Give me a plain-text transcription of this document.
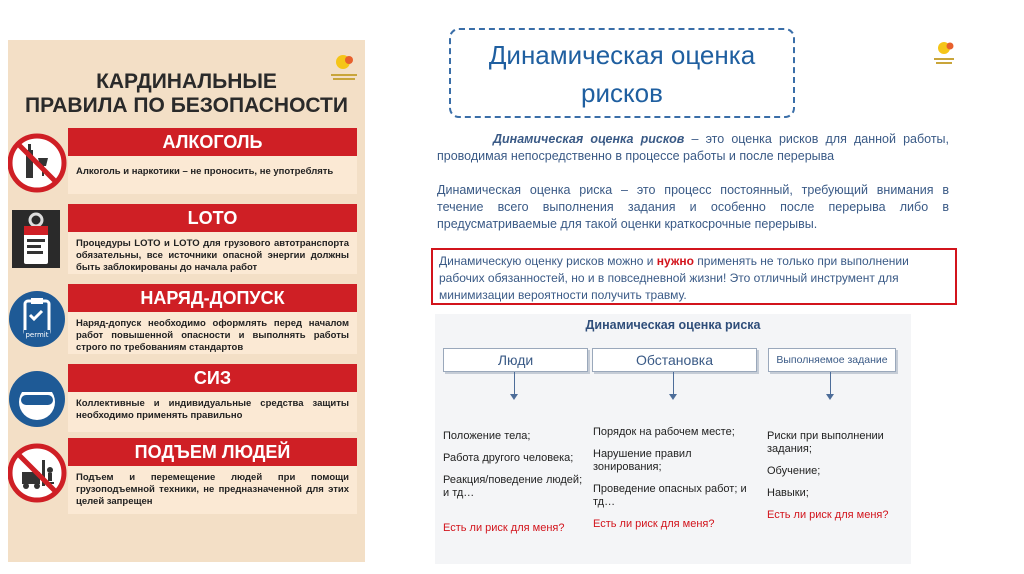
КАРДИНАЛЬНЫЕ
ПРАВИЛА ПО БЕЗОПАСНОСТИ
АЛКОГОЛЬ
Алкоголь и наркотики – не проносить, не употреблять
LOTO
Процедуры LOTO и LOTO для грузового автотранспорта обязательны, все источники опасной энергии должны быть заблокированы до начала работ
НАРЯД-ДОПУСК
Наряд-допуск необходимо оформлять перед началом работ повышенной опасности и выполнять работы строго по требованиям стандартов
permit
СИЗ
Коллективные и индивидуальные средства защиты необходимо применять правильно
ПОДЪЕМ ЛЮДЕЙ
Подъем и перемещение людей при помощи грузоподъемной техники, не предназначенной для этих целей запрещен
Динамическая оценка
рисков
Динамическая оценка рисков – это оценка рисков для данной работы, проводимая непосредственно в процессе работы и после перерыва
Динамическая оценка риска – это процесс постоянный, требующий внимания в течение всего выполнения задания и особенно после перерыва либо в предусматриваемые для такой оценки краткосрочные перерывы.
Динамическую оценку рисков можно и нужно применять не только при выполнении рабочих обязанностей, но и в повседневной жизни! Это отличный инструмент для минимизации вероятности получить травму.
Динамическая оценка риска
Люди	Обстановка	Выполняемое задание
Положение тела;
Работа другого человека;
Реакция/поведение людей; и тд…
Есть ли риск для меня?
Порядок на рабочем месте;
Нарушение правил зонирования;
Проведение опасных работ; и тд…
Есть ли риск для меня?
Риски при выполнении задания;
Обучение;
Навыки;
Есть ли риск для меня?
